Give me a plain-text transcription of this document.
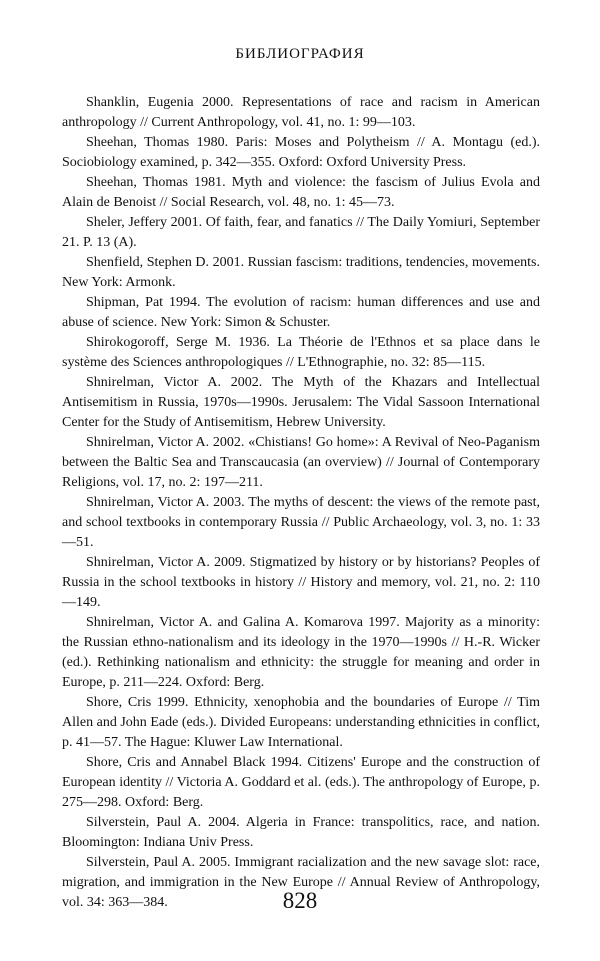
БИБЛИОГРАФИЯ

Shanklin, Eugenia 2000. Representations of race and racism in American anthropology // Current Anthropology, vol. 41, no. 1: 99—103.

Sheehan, Thomas 1980. Paris: Moses and Polytheism // A. Montagu (ed.). Sociobiology examined, p. 342—355. Oxford: Oxford University Press.

Sheehan, Thomas 1981. Myth and violence: the fascism of Julius Evola and Alain de Benoist // Social Research, vol. 48, no. 1: 45—73.

Sheler, Jeffery 2001. Of faith, fear, and fanatics // The Daily Yomiuri, September 21. P. 13 (A).

Shenfield, Stephen D. 2001. Russian fascism: traditions, tendencies, movements. New York: Armonk.

Shipman, Pat 1994. The evolution of racism: human differences and use and abuse of science. New York: Simon & Schuster.

Shirokogoroff, Serge M. 1936. La Théorie de l'Ethnos et sa place dans le système des Sciences anthropologiques // L'Ethnographie, no. 32: 85—115.

Shnirelman, Victor A. 2002. The Myth of the Khazars and Intellectual Antisemitism in Russia, 1970s—1990s. Jerusalem: The Vidal Sassoon International Center for the Study of Antisemitism, Hebrew University.

Shnirelman, Victor A. 2002. «Chistians! Go home»: A Revival of Neo-Paganism between the Baltic Sea and Transcaucasia (an overview) // Journal of Contemporary Religions, vol. 17, no. 2: 197—211.

Shnirelman, Victor A. 2003. The myths of descent: the views of the remote past, and school textbooks in contemporary Russia // Public Archaeology, vol. 3, no. 1: 33—51.

Shnirelman, Victor A. 2009. Stigmatized by history or by historians? Peoples of Russia in the school textbooks in history // History and memory, vol. 21, no. 2: 110—149.

Shnirelman, Victor A. and Galina A. Komarova 1997. Majority as a minority: the Russian ethno-nationalism and its ideology in the 1970—1990s // H.-R. Wicker (ed.). Rethinking nationalism and ethnicity: the struggle for meaning and order in Europe, p. 211—224. Oxford: Berg.

Shore, Cris 1999. Ethnicity, xenophobia and the boundaries of Europe // Tim Allen and John Eade (eds.). Divided Europeans: understanding ethnicities in conflict, p. 41—57. The Hague: Kluwer Law International.

Shore, Cris and Annabel Black 1994. Citizens' Europe and the construction of European identity // Victoria A. Goddard et al. (eds.). The anthropology of Europe, p. 275—298. Oxford: Berg.

Silverstein, Paul A. 2004. Algeria in France: transpolitics, race, and nation. Bloomington: Indiana Univ Press.

Silverstein, Paul A. 2005. Immigrant racialization and the new savage slot: race, migration, and immigration in the New Europe // Annual Review of Anthropology, vol. 34: 363—384.	828
